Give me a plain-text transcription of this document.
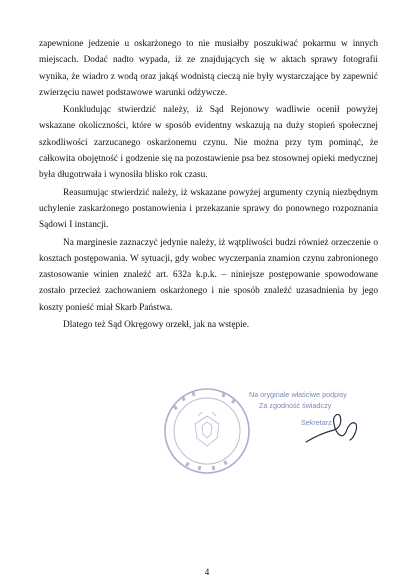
zapewnione jedzenie u oskarżonego to nie musiałby poszukiwać pokarmu w innych miejscach. Dodać nadto wypada, iż ze znajdujących się w aktach sprawy fotografii wynika, że wiadro z wodą oraz jakąś wodnistą cieczą nie były wystarczające by zapewnić zwierzęciu nawet podstawowe warunki odżywcze.

Konkludując stwierdzić należy, iż Sąd Rejonowy wadliwie ocenił powyżej wskazane okoliczności, które w sposób evidentny wskazują na duży stopień społecznej szkodliwości zarzucanego oskarżonemu czynu. Nie można przy tym pominąć, że całkowita obojętność i godzenie się na pozostawienie psa bez stosownej opieki medycznej była długotrwała i wynosiła blisko rok czasu.

Reasumując stwierdzić należy, iż wskazane powyżej argumenty czynią niezbędnym uchylenie zaskarżonego postanowienia i przekazanie sprawy do ponownego rozpoznania Sądowi I instancji.

Na marginesie zaznaczyć jedynie należy, iż wątpliwości budzi również orzeczenie o kosztach postępowania. W sytuacji, gdy wobec wyczerpania znamion czynu zabronionego zastosowanie winien znaleźć art. 632a k.p.k. – niniejsze postępowanie spowodowane zostało przecież zachowaniem oskarżonego i nie sposób znaleźć uzasadnienia by jego koszty ponieść miał Skarb Państwa.

Dlatego też Sąd Okręgowy orzekł, jak na wstępie.

Na oryginale właściwe podpisy
Za zgodność świadczy
Sekretarz
4
